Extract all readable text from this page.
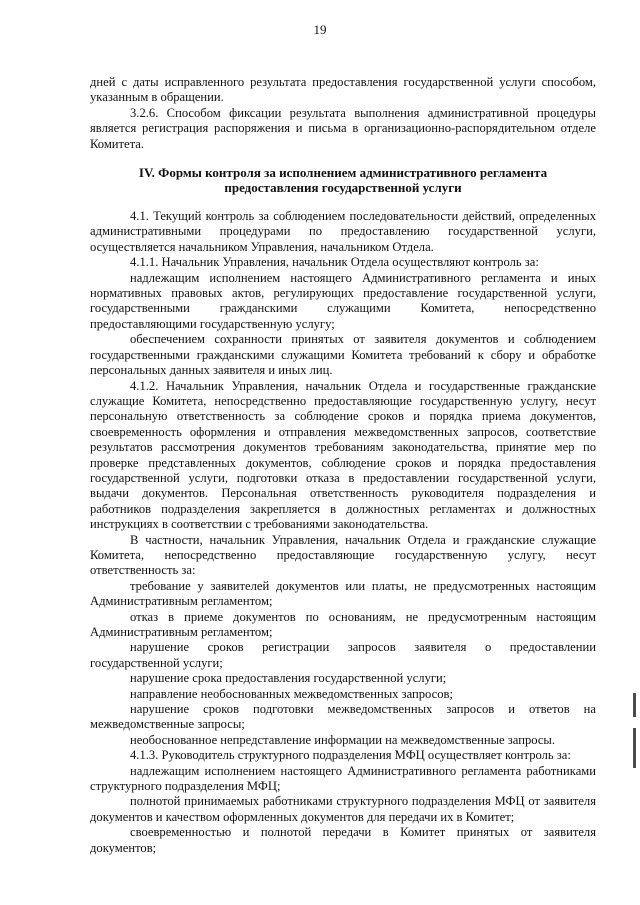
19

дней с даты исправленного результата предоставления государственной услуги способом, указанным в обращении.

3.2.6. Способом фиксации результата выполнения административной процедуры является регистрация распоряжения и письма в организационно-распорядительном отделе Комитета.

IV. Формы контроля за исполнением административного регламента
предоставления государственной услуги

4.1. Текущий контроль за соблюдением последовательности действий, определенных административными процедурами по предоставлению государственной услуги, осуществляется начальником Управления, начальником Отдела.

4.1.1. Начальник Управления, начальник Отдела осуществляют контроль за:

надлежащим исполнением настоящего Административного регламента и иных нормативных правовых актов, регулирующих предоставление государственной услуги, государственными гражданскими служащими Комитета, непосредственно предоставляющими государственную услугу;

обеспечением сохранности принятых от заявителя документов и соблюдением государственными гражданскими служащими Комитета требований к сбору и обработке персональных данных заявителя и иных лиц.

4.1.2. Начальник Управления, начальник Отдела и государственные гражданские служащие Комитета, непосредственно предоставляющие государственную услугу, несут персональную ответственность за соблюдение сроков и порядка приема документов, своевременность оформления и отправления межведомственных запросов, соответствие результатов рассмотрения документов требованиям законодательства, принятие мер по проверке представленных документов, соблюдение сроков и порядка предоставления государственной услуги, подготовки отказа в предоставлении государственной услуги, выдачи документов. Персональная ответственность руководителя подразделения и работников подразделения закрепляется в должностных регламентах и должностных инструкциях в соответствии с требованиями законодательства.

В частности, начальник Управления, начальник Отдела и гражданские служащие Комитета, непосредственно предоставляющие государственную услугу, несут ответственность за:

требование у заявителей документов или платы, не предусмотренных настоящим Административным регламентом;

отказ в приеме документов по основаниям, не предусмотренным настоящим Административным регламентом;

нарушение сроков регистрации запросов заявителя о предоставлении государственной услуги;

нарушение срока предоставления государственной услуги;

направление необоснованных межведомственных запросов;

нарушение сроков подготовки межведомственных запросов и ответов на межведомственные запросы;

необоснованное непредставление информации на межведомственные запросы.

4.1.3. Руководитель структурного подразделения МФЦ осуществляет контроль за:

надлежащим исполнением настоящего Административного регламента работниками структурного подразделения МФЦ;

полнотой принимаемых работниками структурного подразделения МФЦ от заявителя документов и качеством оформленных документов для передачи их в Комитет;

своевременностью и полнотой передачи в Комитет принятых от заявителя документов;
